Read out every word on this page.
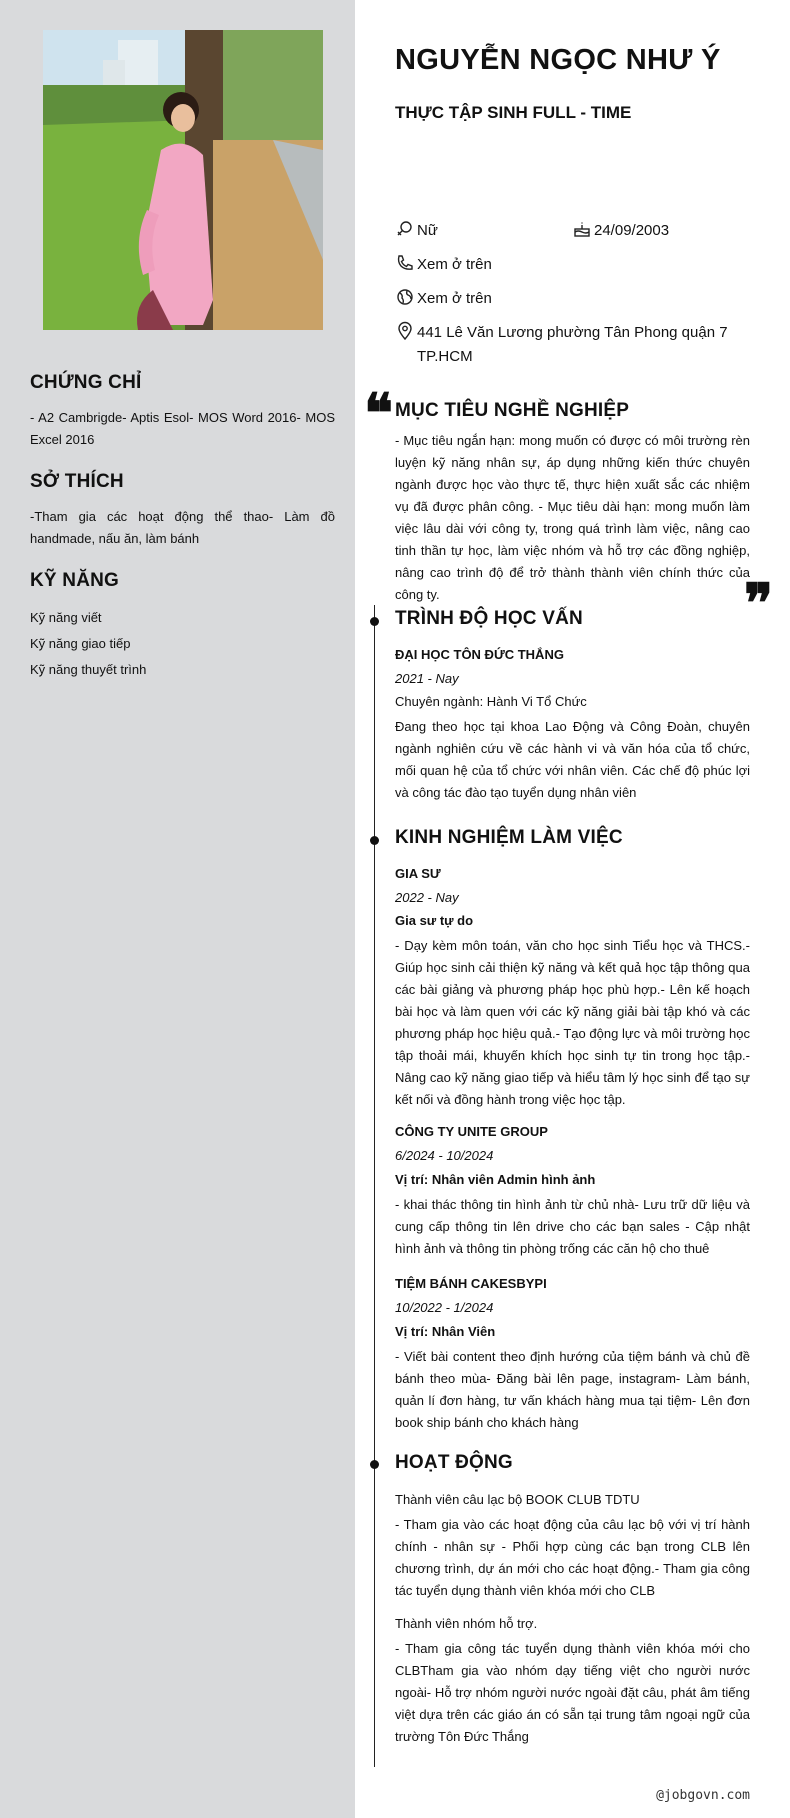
CHỨNG CHỈ
- A2 Cambrigde- Aptis Esol- MOS Word 2016- MOS Excel 2016
SỞ THÍCH
-Tham gia các hoạt động thể thao- Làm đồ handmade, nấu ăn, làm bánh
KỸ NĂNG
Kỹ năng viết
Kỹ năng giao tiếp
Kỹ năng thuyết trình
NGUYỄN NGỌC NHƯ Ý
THỰC TẬP SINH FULL - TIME
Nữ	24/09/2003
Xem ở trên
Xem ở trên
441 Lê Văn Lương phường Tân Phong quận 7 TP.HCM
❝ MỤC TIÊU NGHỀ NGHIỆP
- Mục tiêu ngắn hạn: mong muốn có được có môi trường rèn luyện kỹ năng nhân sự, áp dụng những kiến thức chuyên ngành được học vào thực tế, thực hiện xuất sắc các nhiệm vụ đã được phân công. - Mục tiêu dài hạn: mong muốn làm việc lâu dài với công ty, trong quá trình làm việc, nâng cao tinh thần tự học, làm việc nhóm và hỗ trợ các đồng nghiệp, nâng cao trình độ để trở thành thành viên chính thức của công ty.	❞
TRÌNH ĐỘ HỌC VẤN
ĐẠI HỌC TÔN ĐỨC THẮNG
2021 - Nay
Chuyên ngành: Hành Vi Tổ Chức
Đang theo học tại khoa Lao Động và Công Đoàn, chuyên ngành nghiên cứu về các hành vi và văn hóa của tổ chức, mối quan hệ của tổ chức với nhân viên. Các chế độ phúc lợi và công tác đào tạo tuyển dụng nhân viên
KINH NGHIỆM LÀM VIỆC
GIA SƯ
2022 - Nay
Gia sư tự do
- Dạy kèm môn toán, văn cho học sinh Tiểu học và THCS.- Giúp học sinh cải thiện kỹ năng và kết quả học tập thông qua các bài giảng và phương pháp học phù hợp.- Lên kế hoạch bài học và làm quen với các kỹ năng giải bài tập khó và các phương pháp học hiệu quả.- Tạo động lực và môi trường học tập thoải mái, khuyến khích học sinh tự tin trong học tập.- Nâng cao kỹ năng giao tiếp và hiểu tâm lý học sinh để tạo sự kết nối và đồng hành trong việc học tập.
CÔNG TY UNITE GROUP
6/2024 - 10/2024
Vị trí: Nhân viên Admin hình ảnh
- khai thác thông tin hình ảnh từ chủ nhà- Lưu trữ dữ liệu và cung cấp thông tin lên drive cho các bạn sales - Cập nhật hình ảnh và thông tin phòng trống các căn hộ cho thuê
TIỆM BÁNH CAKESBYPI
10/2022 - 1/2024
Vị trí: Nhân Viên
- Viết bài content theo định hướng của tiệm bánh và chủ đề bánh theo mùa- Đăng bài lên page, instagram- Làm bánh, quản lí đơn hàng, tư vấn khách hàng mua tại tiệm- Lên đơn book ship bánh cho khách hàng
HOẠT ĐỘNG
Thành viên câu lạc bộ BOOK CLUB TDTU
- Tham gia vào các hoạt động của câu lạc bộ với vị trí hành chính - nhân sự - Phối hợp cùng các bạn trong CLB lên chương trình, dự án mới cho các hoạt động.- Tham gia công tác tuyển dụng thành viên khóa mới cho CLB
Thành viên nhóm hỗ trợ.
- Tham gia công tác tuyển dụng thành viên khóa mới cho CLBTham gia vào nhóm dạy tiếng việt cho người nước ngoài- Hỗ trợ nhóm người nước ngoài đặt câu, phát âm tiếng việt dựa trên các giáo án có sẵn tại trung tâm ngoại ngữ của trường Tôn Đức Thắng
@jobgovn.com
